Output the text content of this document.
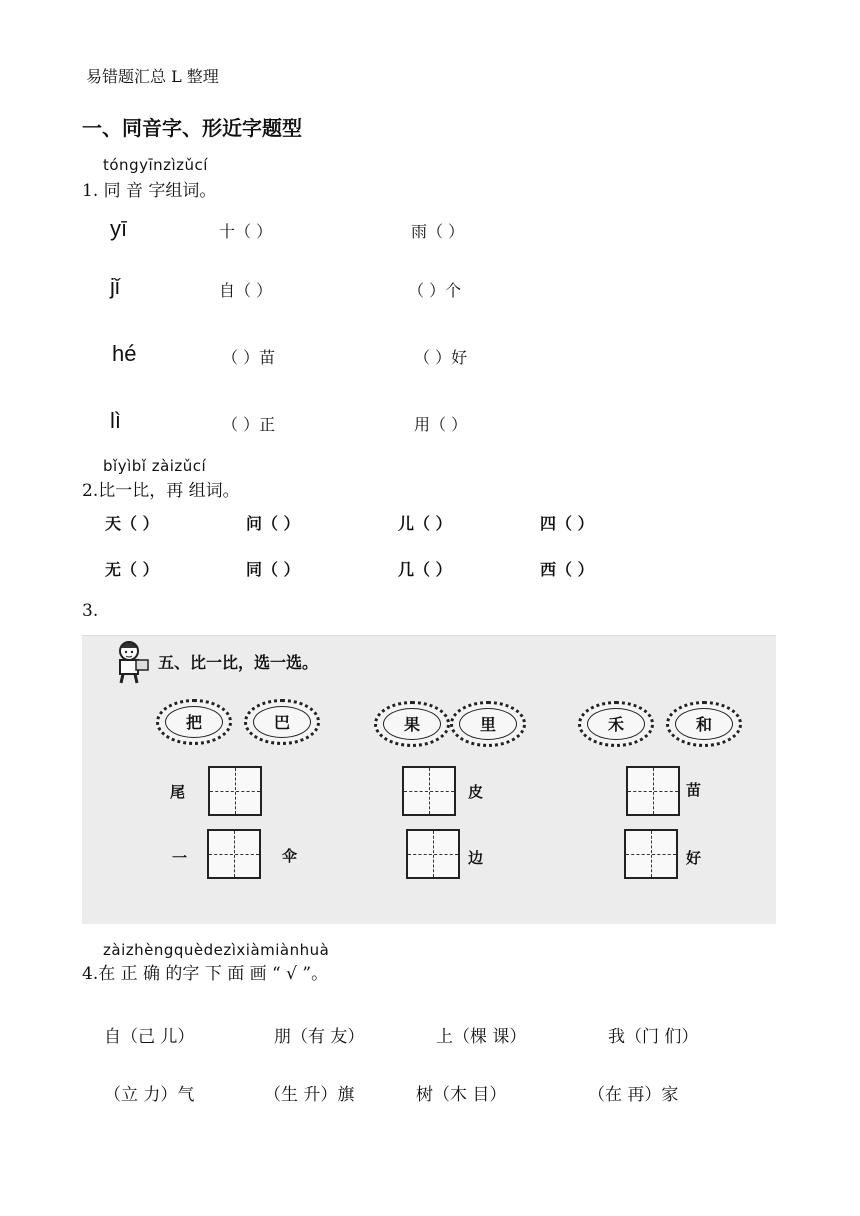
易错题汇总 L 整理
一、同音字、形近字题型
tóngyīnzìzǔcí
1. 同 音 字组词。
yī	十（ ）	雨（ ）
jǐ	自（ ）	（ ）个
hé	（ ）苗	（ ）好
lì	（ ）正	用（ ）
bǐyìbǐ zàizǔcí
2.比一比，再 组词。
天（ ）	问（ ）	儿（ ）	四（ ）
无（ ）	同（ ）	几（ ）	西（ ）
3.
五、比一比，选一选。
把	巴	果	里	禾	和
尾	皮	苗
一	伞	边	好
zàizhèngquèdezìxiàmiànhuà
4.在 正 确 的字 下 面 画 “ √ ”。
自（己 儿）	朋（有 友）	上（棵 课）	我（门 们）
（立 力）气	（生 升）旗	树（木 目）	（在 再）家
